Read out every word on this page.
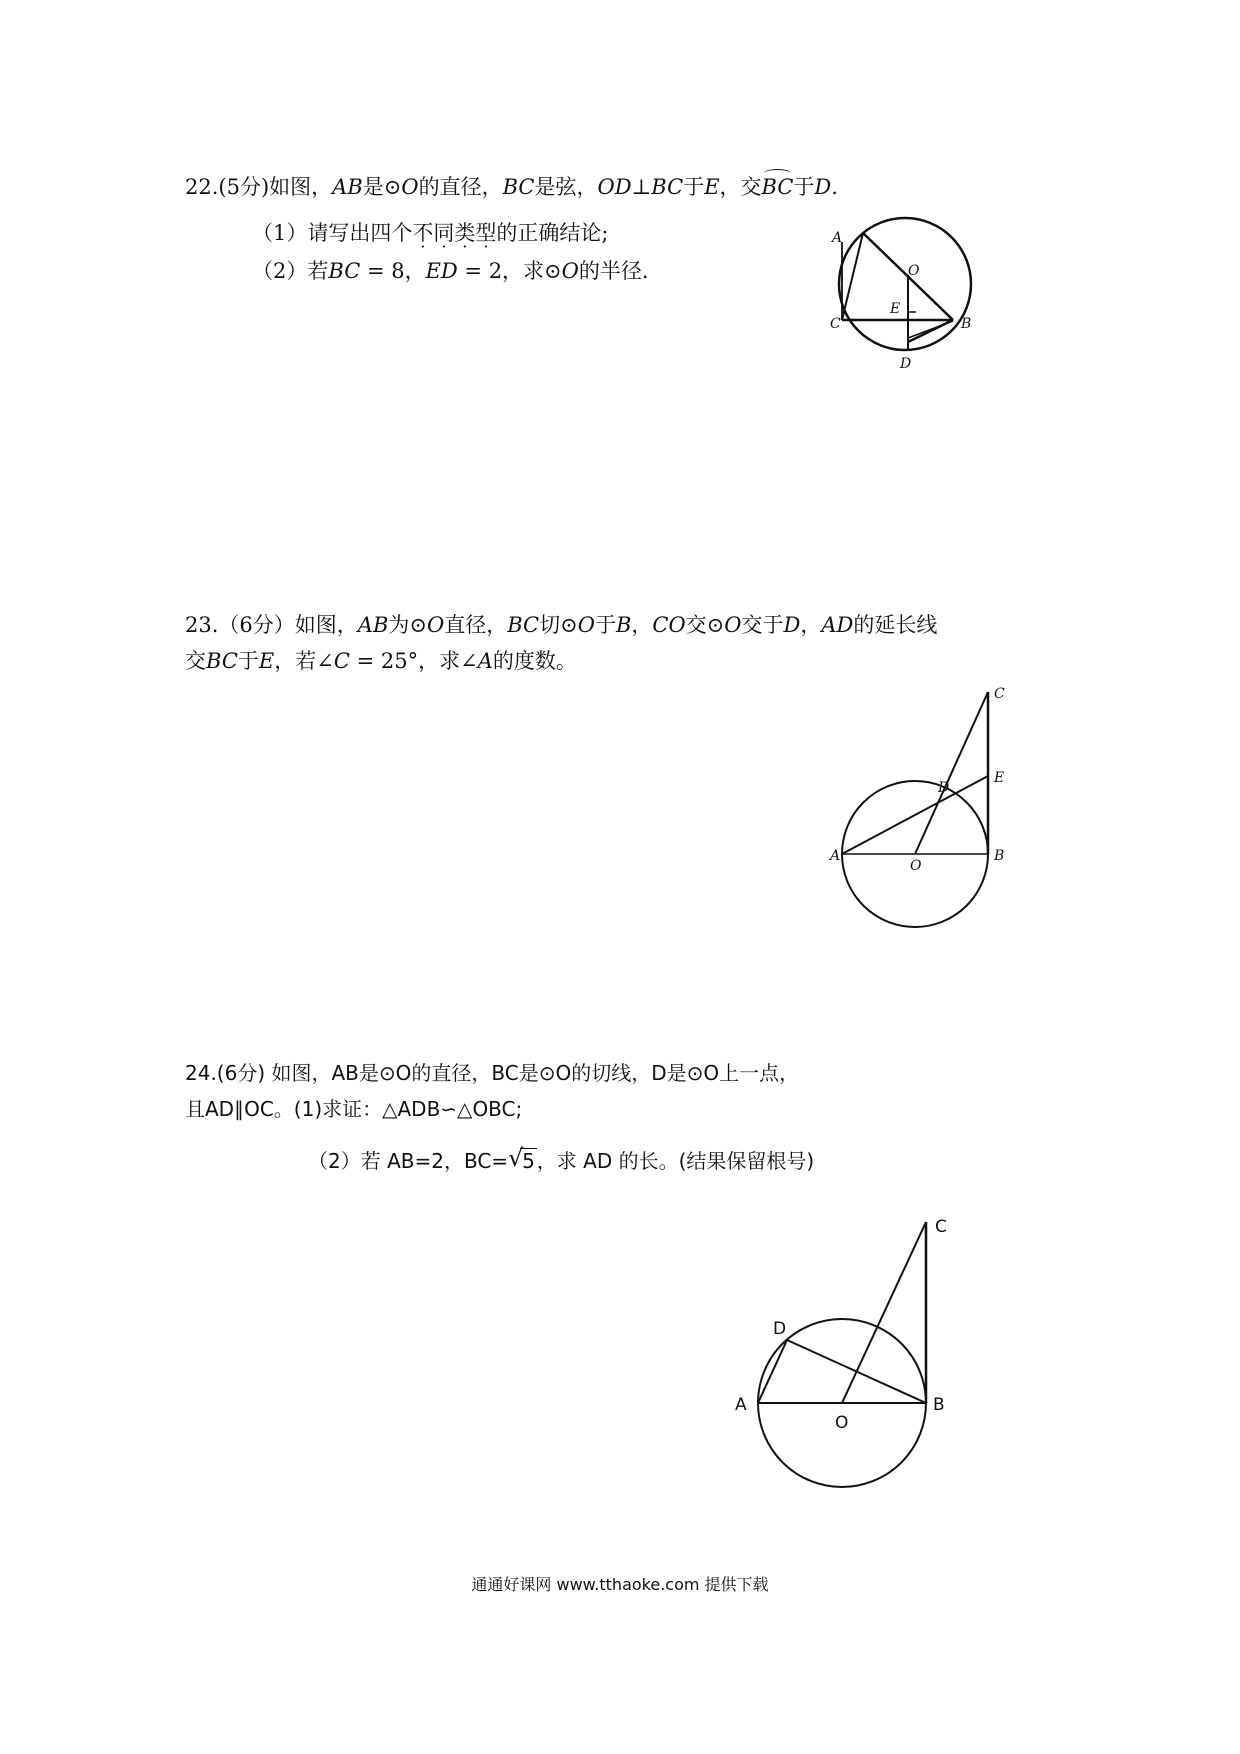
22.(5分)如图，AB是⊙O的直径，BC是弦，OD⊥BC于E，交BC于D.
（1）请写出四个不同类型的正确结论;
（2）若BC = 8，ED = 2，求⊙O的半径.
A
O
E
C	B
D
23.（6分）如图，AB为⊙O直径，BC切⊙O于B，CO交⊙O交于D，AD的延长线
交BC于E，若∠C = 25°，求∠A的度数。
C
E
D
A
O
B
24.(6分) 如图，AB是⊙O的直径，BC是⊙O的切线，D是⊙O上一点，
且AD∥OC。(1)求证：△ADB∽△OBC;
（2）若 AB=2，BC= √
5 ，求 AD 的长。(结果保留根号)
C
D
A
O
B
通通好课网 www.tthaoke.com 提供下载
